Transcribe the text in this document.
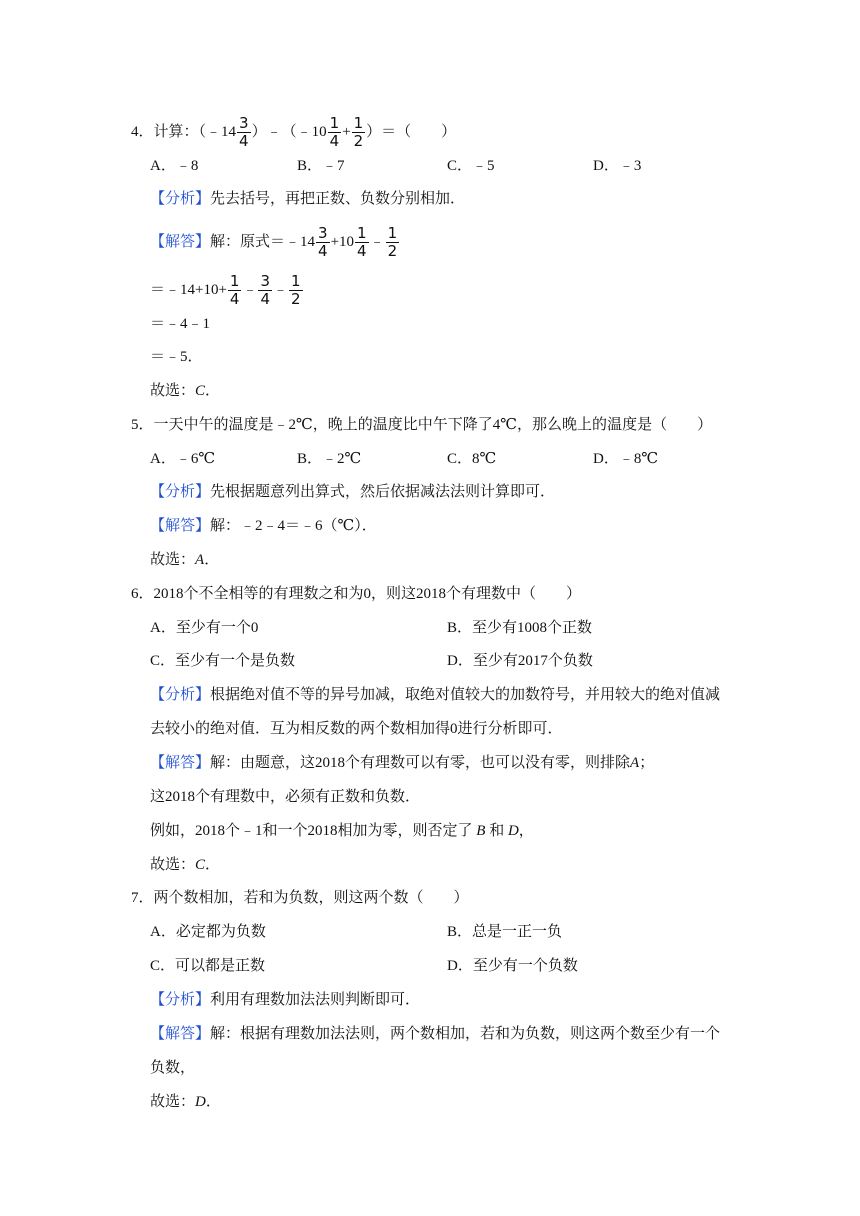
4．计算：（﹣14 $\frac{3}{4}$ ）﹣（﹣10 $\frac{1}{4} + \frac{1}{2}$ ）＝（　　）
A．﹣8	B．﹣7	C．﹣5	D．﹣3
【分析】先去括号，再把正数、负数分别相加．
【解答】解：原式＝﹣14 $\frac{3}{4} +10 \frac{1}{4}$ ﹣ $\frac{1}{2}$
＝﹣14+10+ $\frac{1}{4}$ ﹣ $\frac{3}{4}$ ﹣ $\frac{1}{2}$
＝﹣4﹣1
＝﹣5．
故选：C．
5．一天中午的温度是﹣2℃，晚上的温度比中午下降了4℃，那么晚上的温度是（　　）
A．﹣6℃	B．﹣2℃	C．8℃	D．﹣8℃
【分析】先根据题意列出算式，然后依据减法法则计算即可．
【解答】解：﹣2﹣4＝﹣6（℃）．
故选：A．
6．2018个不全相等的有理数之和为0，则这2018个有理数中（　　）
A．至少有一个0	B．至少有1008个正数
C．至少有一个是负数	D．至少有2017个负数
【分析】根据绝对值不等的异号加减，取绝对值较大的加数符号，并用较大的绝对值减
去较小的绝对值．互为相反数的两个数相加得0进行分析即可．
【解答】解：由题意，这2018个有理数可以有零，也可以没有零，则排除A；
这2018个有理数中，必须有正数和负数．
例如，2018个﹣1和一个2018相加为零，则否定了 B 和 D，
故选：C．
7．两个数相加，若和为负数，则这两个数（　　）
A．必定都为负数	B．总是一正一负
C．可以都是正数	D．至少有一个负数
【分析】利用有理数加法法则判断即可．
【解答】解：根据有理数加法法则，两个数相加，若和为负数，则这两个数至少有一个
负数，
故选：D．
